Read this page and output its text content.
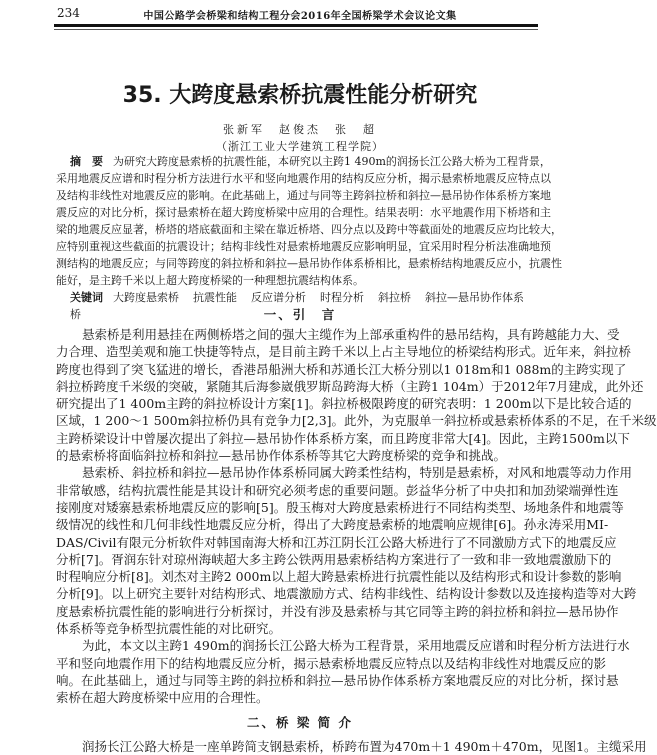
234	中国公路学会桥梁和结构工程分会2016年全国桥梁学术会议论文集
35. 大跨度悬索桥抗震性能分析研究
张新军　赵俊杰　张　超
（浙江工业大学建筑工程学院）
摘　要 为研究大跨度悬索桥的抗震性能，本研究以主跨1 490m的润扬长江公路大桥为工程背景，
采用地震反应谱和时程分析方法进行水平和竖向地震作用的结构反应分析，揭示悬索桥地震反应特点以
及结构非线性对地震反应的影响。在此基础上，通过与同等主跨斜拉桥和斜拉—悬吊协作体系桥方案地
震反应的对比分析，探讨悬索桥在超大跨度桥梁中应用的合理性。结果表明：水平地震作用下桥塔和主
梁的地震反应显著，桥塔的塔底截面和主梁在靠近桥塔、四分点以及跨中等截面处的地震反应均比较大，
应特别重视这些截面的抗震设计；结构非线性对悬索桥地震反应影响明显，宜采用时程分析法准确地预
测结构的地震反应；与同等跨度的斜拉桥和斜拉—悬吊协作体系桥相比，悬索桥结构地震反应小，抗震性
能好，是主跨千米以上超大跨度桥梁的一种理想抗震结构体系。
关键词 大跨度悬索桥 抗震性能 反应谱分析 时程分析 斜拉桥 斜拉—悬吊协作体系桥	一、引　言
悬索桥是利用悬挂在两侧桥塔之间的强大主缆作为上部承重构件的悬吊结构，具有跨越能力大、受
力合理、造型美观和施工快捷等特点，是目前主跨千米以上占主导地位的桥梁结构形式。近年来，斜拉桥
跨度也得到了突飞猛进的增长，香港昂船洲大桥和苏通长江大桥分别以1 018m和1 088m的主跨实现了
斜拉桥跨度千米级的突破，紧随其后海参崴俄罗斯岛跨海大桥（主跨1 104m）于2012年7月建成，此外还
研究提出了1 400m主跨的斜拉桥设计方案[1]。斜拉桥极限跨度的研究表明：1 200m以下是比较合适的
区域，1 200～1 500m斜拉桥仍具有竞争力[2,3]。此外，为克服单一斜拉桥或悬索桥体系的不足，在千米级
主跨桥梁设计中曾屡次提出了斜拉—悬吊协作体系桥方案，而且跨度非常大[4]。因此，主跨1500m以下
的悬索桥将面临斜拉桥和斜拉—悬吊协作体系桥等其它大跨度桥梁的竞争和挑战。
悬索桥、斜拉桥和斜拉—悬吊协作体系桥同属大跨柔性结构，特别是悬索桥，对风和地震等动力作用
非常敏感，结构抗震性能是其设计和研究必须考虑的重要问题。彭益华分析了中央扣和加劲梁端弹性连
接刚度对矮寨悬索桥地震反应的影响[5]。殷玉梅对大跨度悬索桥进行不同结构类型、场地条件和地震等
级情况的线性和几何非线性地震反应分析，得出了大跨度悬索桥的地震响应规律[6]。孙永涛采用MI-
DAS/Civil有限元分析软件对韩国南海大桥和江苏江阴长江公路大桥进行了不同激励方式下的地震反应
分析[7]。胥润东针对琼州海峡超大多主跨公铁两用悬索桥结构方案进行了一致和非一致地震激励下的
时程响应分析[8]。刘杰对主跨2 000m以上超大跨悬索桥进行抗震性能以及结构形式和设计参数的影响
分析[9]。以上研究主要针对结构形式、地震激励方式、结构非线性、结构设计参数以及连接构造等对大跨
度悬索桥抗震性能的影响进行分析探讨，并没有涉及悬索桥与其它同等主跨的斜拉桥和斜拉—悬吊协作
体系桥等竞争桥型抗震性能的对比研究。
为此，本文以主跨1 490m的润扬长江公路大桥为工程背景，采用地震反应谱和时程分析方法进行水
平和竖向地震作用下的结构地震反应分析，揭示悬索桥地震反应特点以及结构非线性对地震反应的影
响。在此基础上，通过与同等主跨的斜拉桥和斜拉—悬吊协作体系桥方案地震反应的对比分析，探讨悬
索桥在超大跨度桥梁中应用的合理性。
二、桥 梁 简 介
润扬长江公路大桥是一座单跨简支钢悬索桥，桥跨布置为470m＋1 490m＋470m，见图1。主缆采用
